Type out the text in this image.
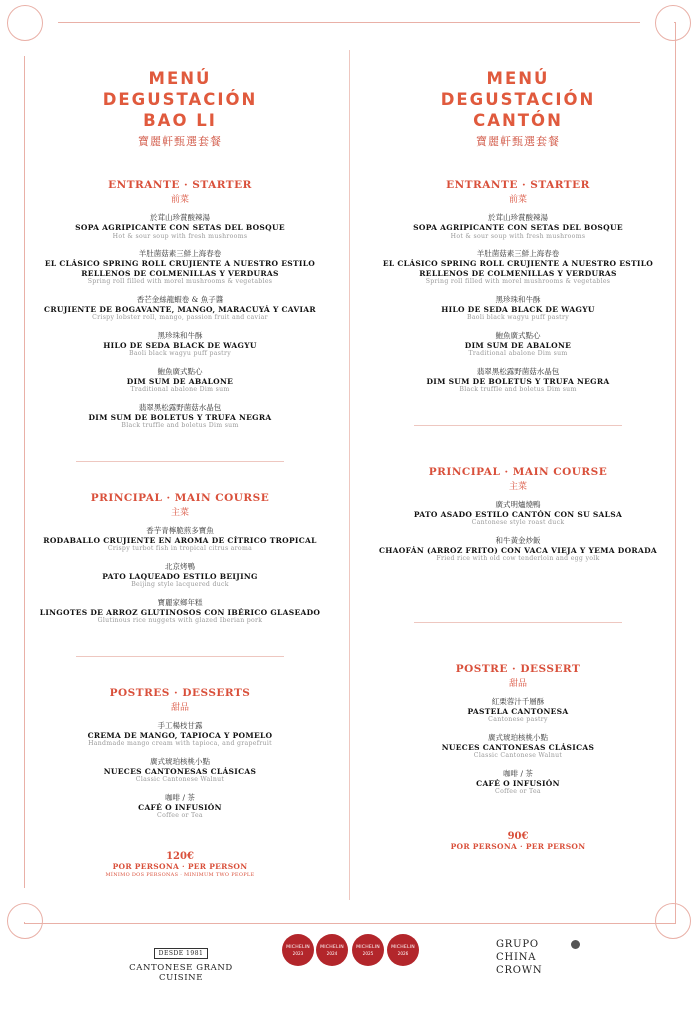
MENÚ
DEGUSTACIÓN
BAO LI
寶麗軒甄選套餐
ENTRANTE · STARTER
前菜
於茸山珍賞酸辣湯
SOPA AGRIPICANTE CON SETAS DEL BOSQUE
Hot & sour soup with fresh mushrooms
羊肚菌菇素三鮮上海春卷
EL CLÁSICO SPRING ROLL CRUJIENTE A NUESTRO ESTILO RELLENOS DE COLMENILLAS Y VERDURAS
Spring roll filled with morel mushrooms & vegetables
香芒金絲龍蝦卷 & 魚子醬
CRUJIENTE DE BOGAVANTE, MANGO, MARACUYÁ Y CAVIAR
Crispy lobster roll, mango, passion fruit and caviar
黑珍珠和牛酥
HILO DE SEDA BLACK DE WAGYU
Baoli black wagyu puff pastry
鮑魚廣式點心
DIM SUM DE ABALONE
Traditional abalone Dim sum
翡翠黑松露野菌菇水晶包
DIM SUM DE BOLETUS Y TRUFA NEGRA
Black truffle and boletus Dim sum
PRINCIPAL · MAIN COURSE
主菜
香芋青檸脆煎多寶魚
RODABALLO CRUJIENTE EN AROMA DE CÍTRICO TROPICAL
Crispy turbot fish in tropical citrus aroma
北京烤鴨
PATO LAQUEADO ESTILO BEIJING
Beijing style lacquered duck
寶麗家鄉年糕
LINGOTES DE ARROZ GLUTINOSOS CON IBÉRICO GLASEADO
Glutinous rice nuggets with glazed Iberian pork
POSTRES · DESSERTS
甜品
手工楊枝甘露
CREMA DE MANGO, TAPIOCA Y POMELO
Handmade mango cream with tapioca, and grapefruit
廣式琥珀核桃小點
NUECES CANTONESAS CLÁSICAS
Classic Cantonese Walnut
咖啡 / 茶
CAFÉ O INFUSIÓN
Coffee or Tea
120€
POR PERSONA · PER PERSON
MÍNIMO DOS PERSONAS · MINIMUM TWO PEOPLE
MENÚ
DEGUSTACIÓN
CANTÓN
寶麗軒甄選套餐
ENTRANTE · STARTER
前菜
於茸山珍賞酸辣湯
SOPA AGRIPICANTE CON SETAS DEL BOSQUE
Hot & sour soup with fresh mushrooms
羊肚菌菇素三鮮上海春卷
EL CLÁSICO SPRING ROLL CRUJIENTE A NUESTRO ESTILO RELLENOS DE COLMENILLAS Y VERDURAS
Spring roll filled with morel mushrooms & vegetables
黑珍珠和牛酥
HILO DE SEDA BLACK DE WAGYU
Baoli black wagyu puff pastry
鮑魚廣式點心
DIM SUM DE ABALONE
Traditional abalone Dim sum
翡翠黑松露野菌菇水晶包
DIM SUM DE BOLETUS Y TRUFA NEGRA
Black truffle and boletus Dim sum
PRINCIPAL · MAIN COURSE
主菜
廣式明爐燒鴨
PATO ASADO ESTILO CANTÓN CON SU SALSA
Cantonese style roast duck
和牛黃金炒飯
CHAOFÁN (ARROZ FRITO) CON VACA VIEJA Y YEMA DORADA
Fried rice with old cow tenderloin and egg yolk
POSTRE · DESSERT
甜品
紅栗蓉汁千層酥
PASTELA CANTONESA
Cantonese pastry
廣式琥珀核桃小點
NUECES CANTONESAS CLÁSICAS
Classic Cantonese Walnut
咖啡 / 茶
CAFÉ O INFUSIÓN
Coffee or Tea
90€
POR PERSONA · PER PERSON
DESDE 1981
CANTONESE GRAND CUISINE
MICHELIN
2023
MICHELIN
2024
MICHELIN
2025
MICHELIN
2026
GRUPO
CHINA CROWN
